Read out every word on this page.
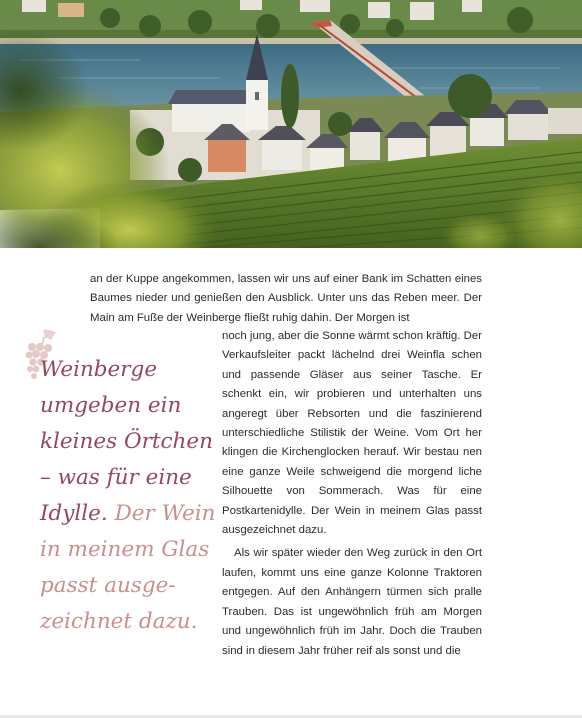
an der Kuppe angekommen, lassen wir uns auf einer Bank im Schatten eines Baumes nieder und genießen den Ausblick. Unter uns das Reben meer. Der Main am Fuße der Weinberge fließt ruhig dahin. Der Morgen ist

noch jung, aber die Sonne wärmt schon kräftig. Der Verkaufsleiter packt lächelnd drei Weinfla schen und passende Gläser aus seiner Tasche. Er schenkt ein, wir probieren und unterhalten uns angeregt über Rebsorten und die faszinierend unterschiedliche Stilistik der Weine. Vom Ort her klingen die Kirchenglocken herauf. Wir bestau nen eine ganze Weile schweigend die morgend liche Silhouette von Sommerach. Was für eine Postkartenidylle. Der Wein in meinem Glas passt ausgezeichnet dazu.

Als wir später wieder den Weg zurück in den Ort laufen, kommt uns eine ganze Kolonne Traktoren entgegen. Auf den Anhängern türmen sich pralle Trauben. Das ist ungewöhnlich früh am Morgen und ungewöhnlich früh im Jahr. Doch die Trauben sind in diesem Jahr früher reif als sonst und die

Weinberge umgeben ein kleines Örtchen – was für eine Idylle. Der Wein in meinem Glas passt ausge- zeichnet dazu.
